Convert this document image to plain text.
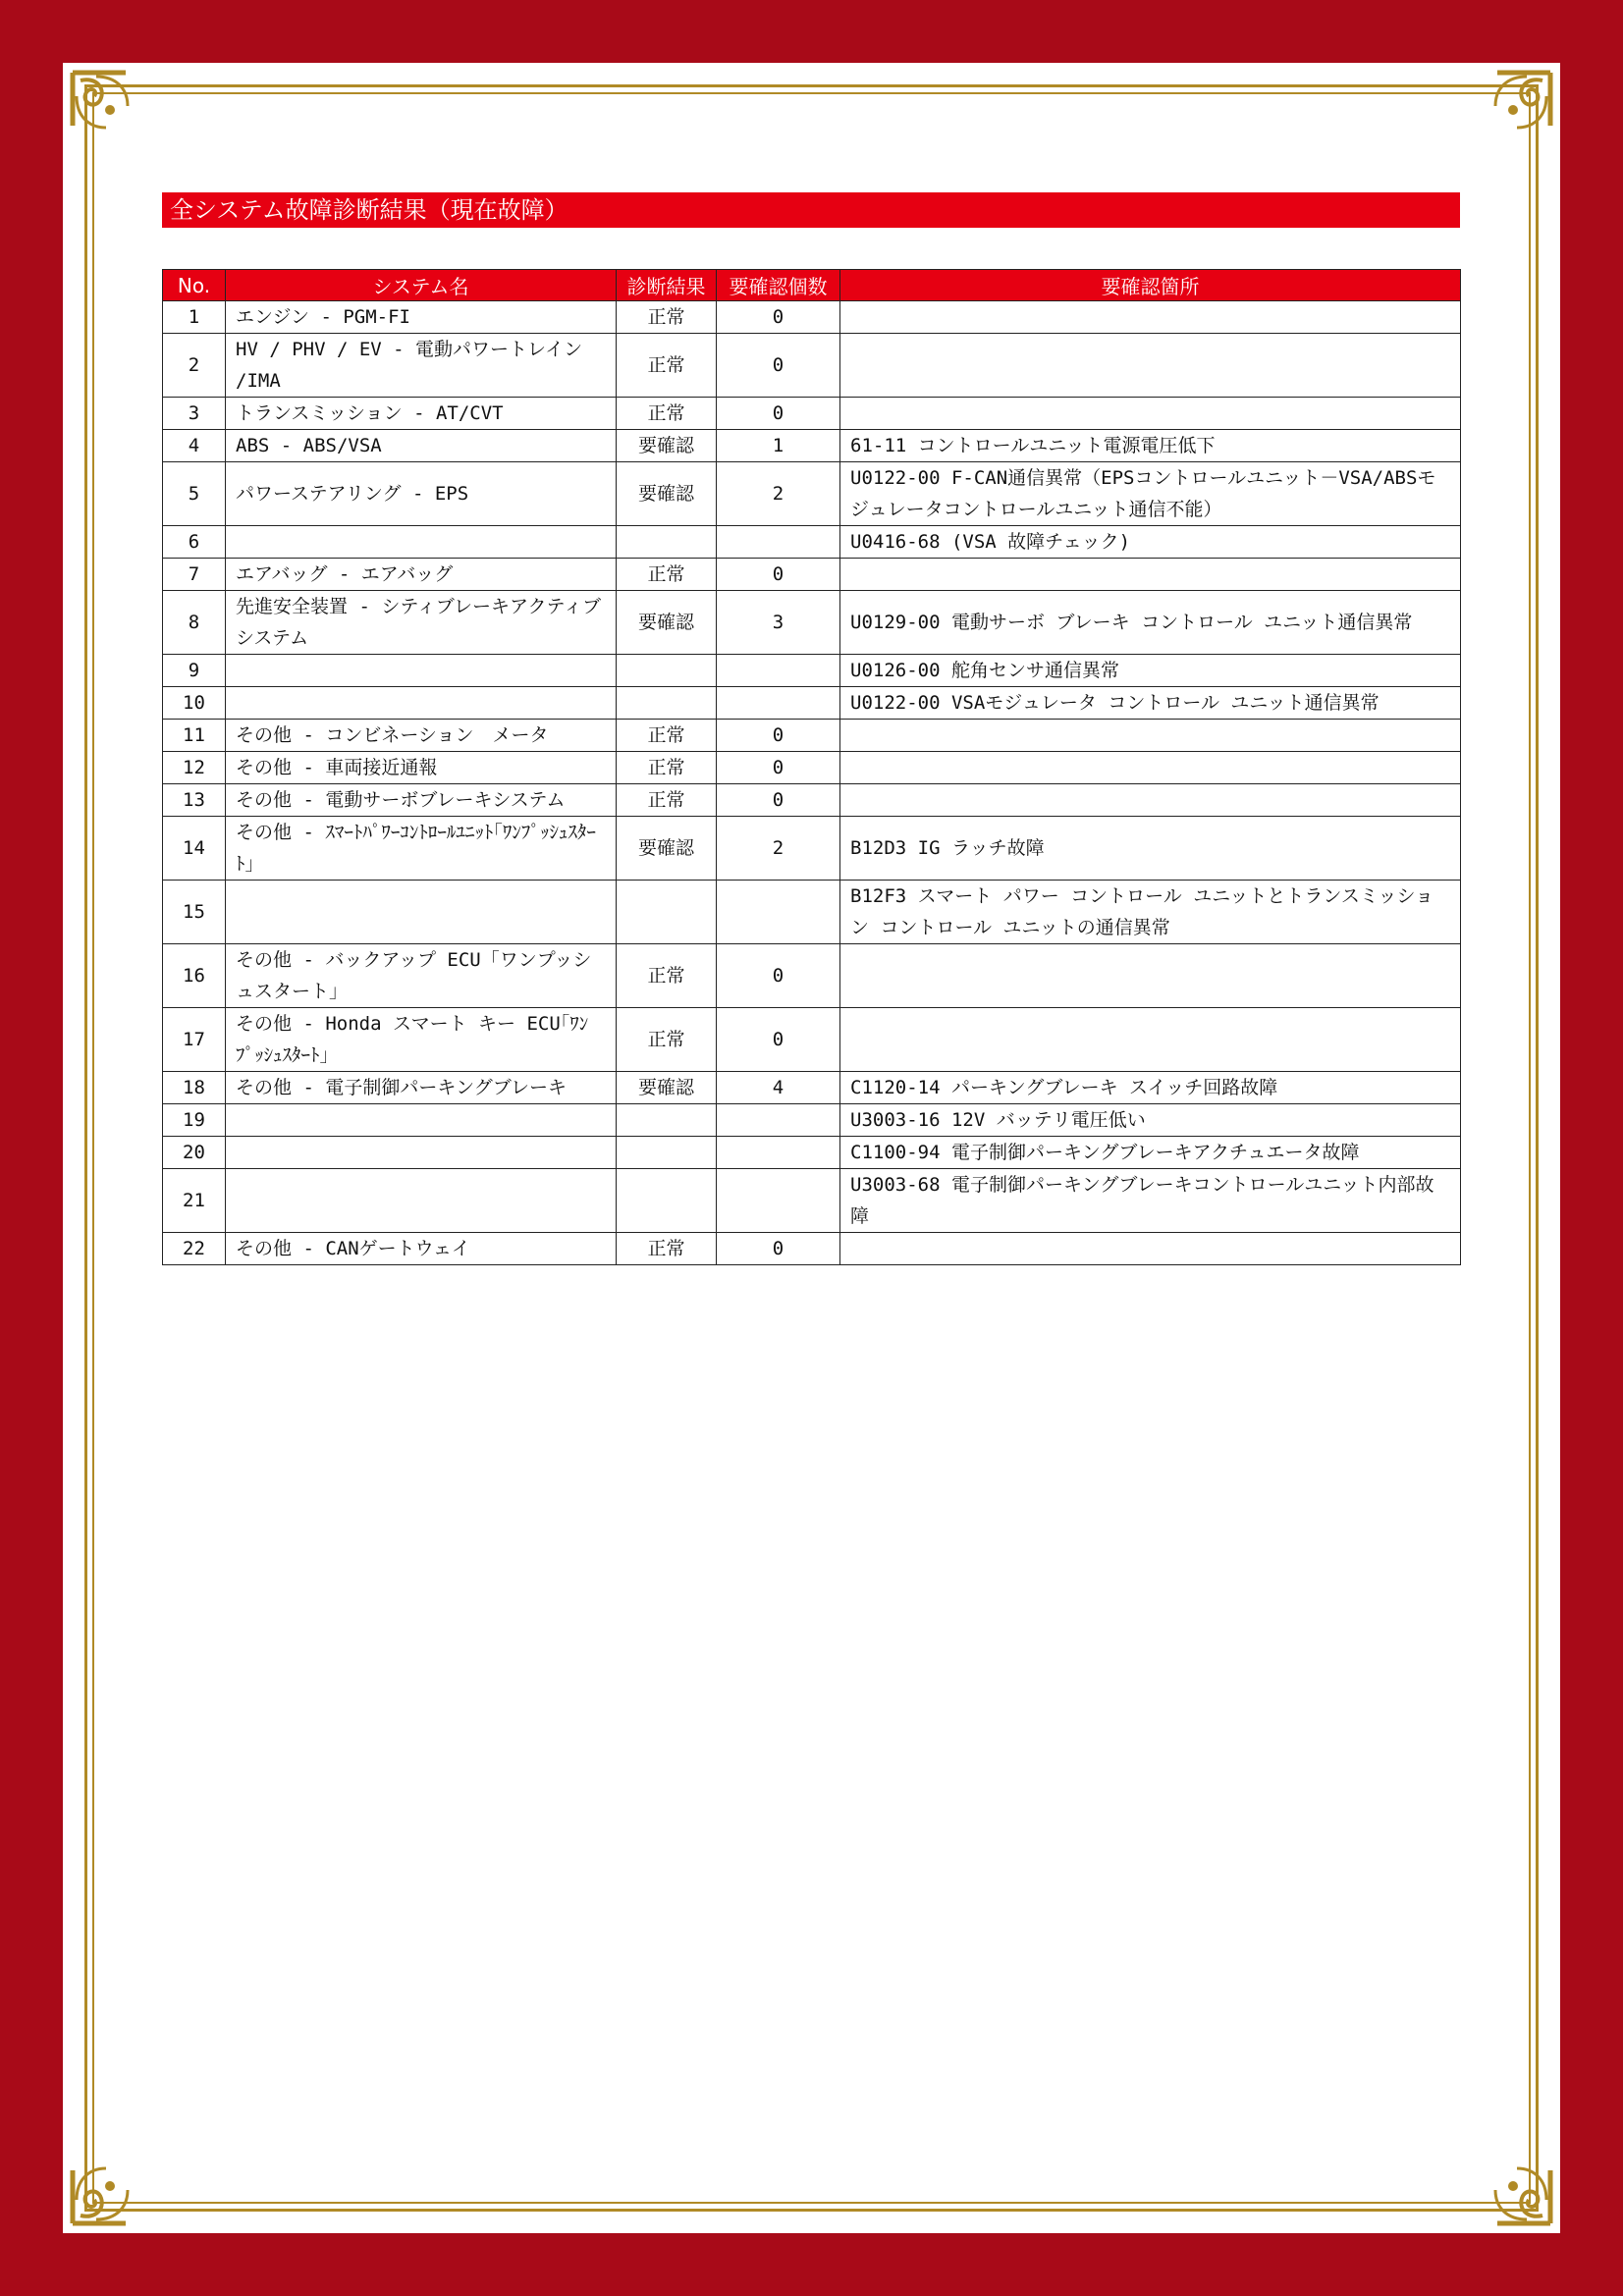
全システム故障診断結果（現在故障）
No.	システム名	診断結果	要確認個数	要確認箇所
1	エンジン - PGM-FI	正常	0	
2	HV / PHV / EV - 電動パワートレイン /IMA	正常	0	
3	トランスミッション - AT/CVT	正常	0	
4	ABS - ABS/VSA	要確認	1	61-11 コントロールユニット電源電圧低下
5	パワーステアリング - EPS	要確認	2	U0122-00 F-CAN通信異常（EPSコントロールユニット－VSA/ABSモジュレータコントロールユニット通信不能）
6				U0416-68 (VSA 故障チェック)
7	エアバッグ - エアバッグ	正常	0	
8	先進安全装置 - シティブレーキアクティブシステム	要確認	3	U0129-00 電動サーボ ブレーキ コントロール ユニット通信異常
9				U0126-00 舵角センサ通信異常
10				U0122-00 VSAモジュレータ コントロール ユニット通信異常
11	その他 - コンビネーション　メータ	正常	0	
12	その他 - 車両接近通報	正常	0	
13	その他 - 電動サーボブレーキシステム	正常	0	
14	その他 - ｽﾏｰﾄﾊﾟﾜｰｺﾝﾄﾛｰﾙﾕﾆｯﾄ｢ﾜﾝﾌﾟｯｼｭｽﾀｰﾄ｣	要確認	2	B12D3 IG ラッチ故障
15				B12F3 スマート パワー コントロール ユニットとトランスミッション コントロール ユニットの通信異常
16	その他 - バックアップ ECU「ワンプッシュスタート」	正常	0	
17	その他 - Honda スマート キー ECU｢ﾜﾝﾌﾟｯｼｭｽﾀｰﾄ｣	正常	0	
18	その他 - 電子制御パーキングブレーキ	要確認	4	C1120-14 パーキングブレーキ スイッチ回路故障
19				U3003-16 12V バッテリ電圧低い
20				C1100-94 電子制御パーキングブレーキアクチュエータ故障
21				U3003-68 電子制御パーキングブレーキコントロールユニット内部故障
22	その他 - CANゲートウェイ	正常	0	
